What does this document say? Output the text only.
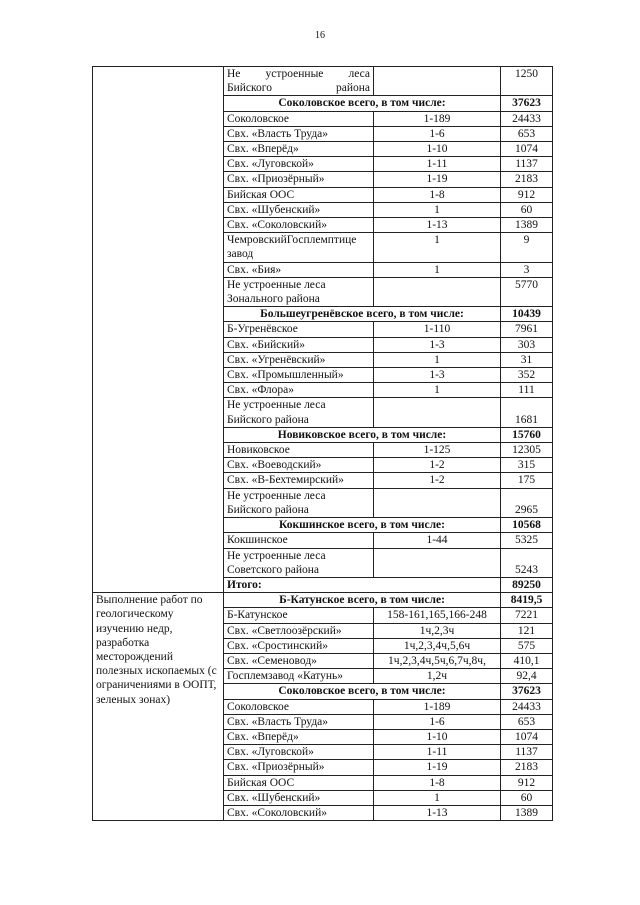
16
	Не устроенные леса Бийского района		1250
	Соколовское всего, в том числе:		37623
	Соколовское	1-189	24433
	Свх. «Власть Труда»	1-6	653
	Свх. «Вперёд»	1-10	1074
	Свх. «Луговской»	1-11	1137
	Свх. «Приозёрный»	1-19	2183
	Бийская ООС	1-8	912
	Свх. «Шубенский»	1	60
	Свх. «Соколовский»	1-13	1389
	ЧемровскийГосплемптице завод	1	9
	Свх. «Бия»	1	3
	Не устроенные леса Зонального района		5770
	Большеугренёвское всего, в том числе:		10439
	Б-Угренёвское	1-110	7961
	Свх. «Бийский»	1-3	303
	Свх. «Угренёвский»	1	31
	Свх. «Промышленный»	1-3	352
	Свх. «Флора»	1	111
	Не устроенные леса Бийского района		1681
	Новиковское всего, в том числе:		15760
	Новиковское	1-125	12305
	Свх. «Воеводский»	1-2	315
	Свх. «В-Бехтемирский»	1-2	175
	Не устроенные леса Бийского района		2965
	Кокшинское всего, в том числе:		10568
	Кокшинское	1-44	5325
	Не устроенные леса Советского района		5243
	Итого:		89250
Выполнение работ по геологическому изучению недр, разработка месторождений полезных ископаемых (с ограничениями в ООПТ, зеленых зонах)	Б-Катунское всего, в том числе:		8419,5
	Б-Катунское	158-161,165,166-248	7221
	Свх. «Светлоозёрский»	1ч,2,3ч	121
	Свх. «Сростинский»	1ч,2,3,4ч,5,6ч	575
	Свх. «Семеновод»	1ч,2,3,4ч,5ч,6,7ч,8ч,	410,1
	Госплемзавод «Катунь»	1,2ч	92,4
	Соколовское всего, в том числе:		37623
	Соколовское	1-189	24433
	Свх. «Власть Труда»	1-6	653
	Свх. «Вперёд»	1-10	1074
	Свх. «Луговской»	1-11	1137
	Свх. «Приозёрный»	1-19	2183
	Бийская ООС	1-8	912
	Свх. «Шубенский»	1	60
	Свх. «Соколовский»	1-13	1389
